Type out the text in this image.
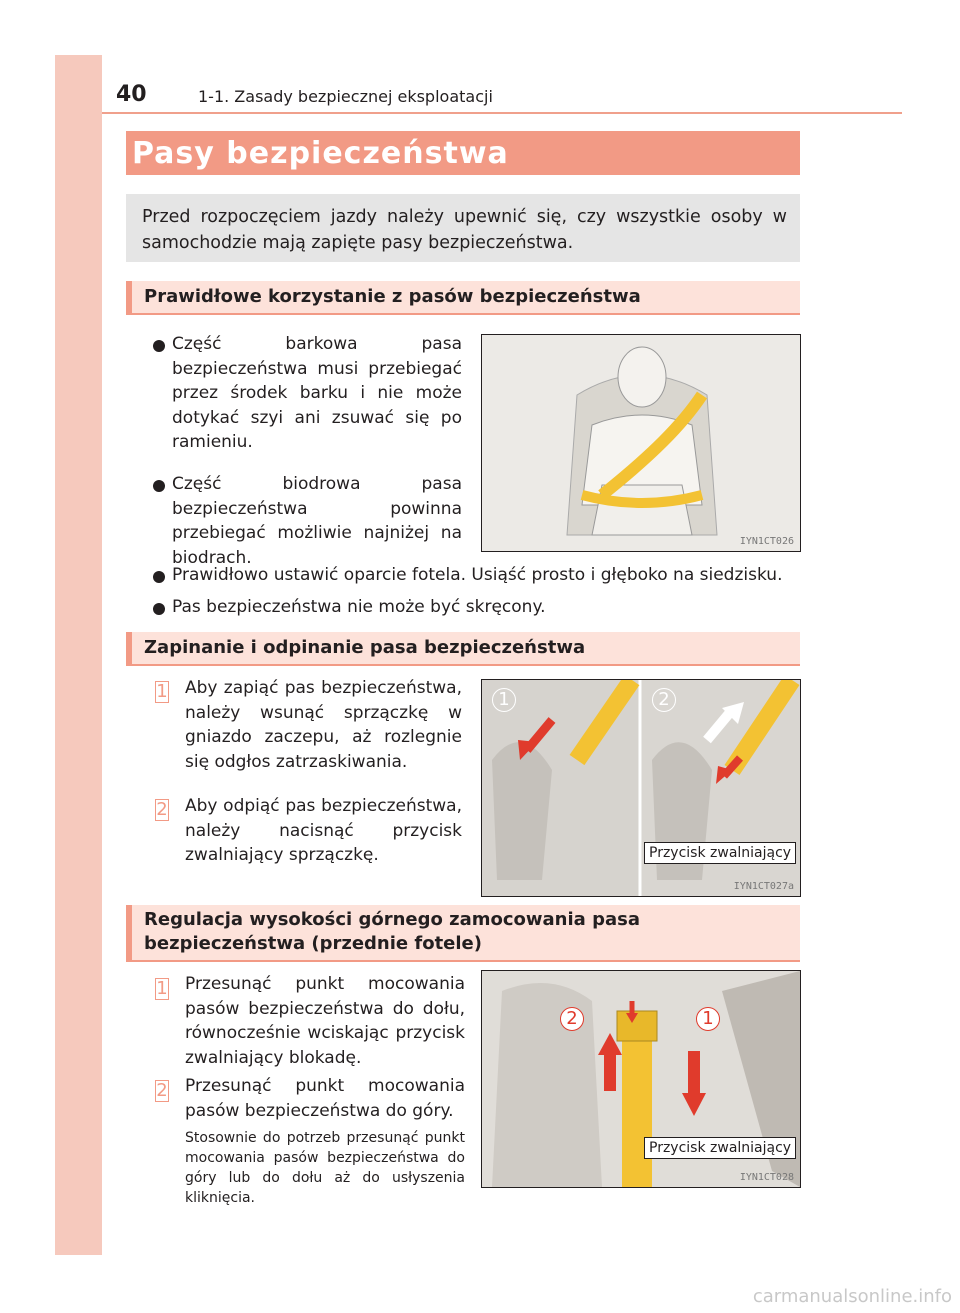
40	1-1. Zasady bezpiecznej eksploatacji
Pasy bezpieczeństwa

Przed rozpoczęciem jazdy należy upewnić się, czy wszystkie osoby w samochodzie mają zapięte pasy bezpieczeństwa.

Prawidłowe korzystanie z pasów bezpieczeństwa
Część barkowa pasa bezpieczeństwa musi przebiegać przez środek barku i nie może dotykać szyi ani zsuwać się po ramieniu.
Część biodrowa pasa bezpieczeństwa powinna przebiegać możliwie najniżej na biodrach.
IYN1CT026
Prawidłowo ustawić oparcie fotela. Usiąść prosto i głęboko na siedzisku.
Pas bezpieczeństwa nie może być skręcony.
Zapinanie i odpinanie pasa bezpieczeństwa
1 Aby zapiąć pas bezpieczeństwa, należy wsunąć sprzączkę w gniazdo zaczepu, aż rozlegnie się odgłos zatrzaskiwania.
2 Aby odpiąć pas bezpieczeństwa, należy nacisnąć przycisk zwalniający sprzączkę.
1	2
Przycisk zwalniający
IYN1CT027a
Regulacja wysokości górnego zamocowania pasa
bezpieczeństwa (przednie fotele)
1 Przesunąć punkt mocowania pasów bezpieczeństwa do dołu, równocześnie wciskając przycisk zwalniający blokadę.
2 Przesunąć punkt mocowania pasów bezpieczeństwa do góry.
Stosownie do potrzeb przesunąć punkt mocowania pasów bezpieczeństwa do góry lub do dołu aż do usłyszenia kliknięcia.
2	1
Przycisk zwalniający
IYN1CT028
carmanualsonline.info
